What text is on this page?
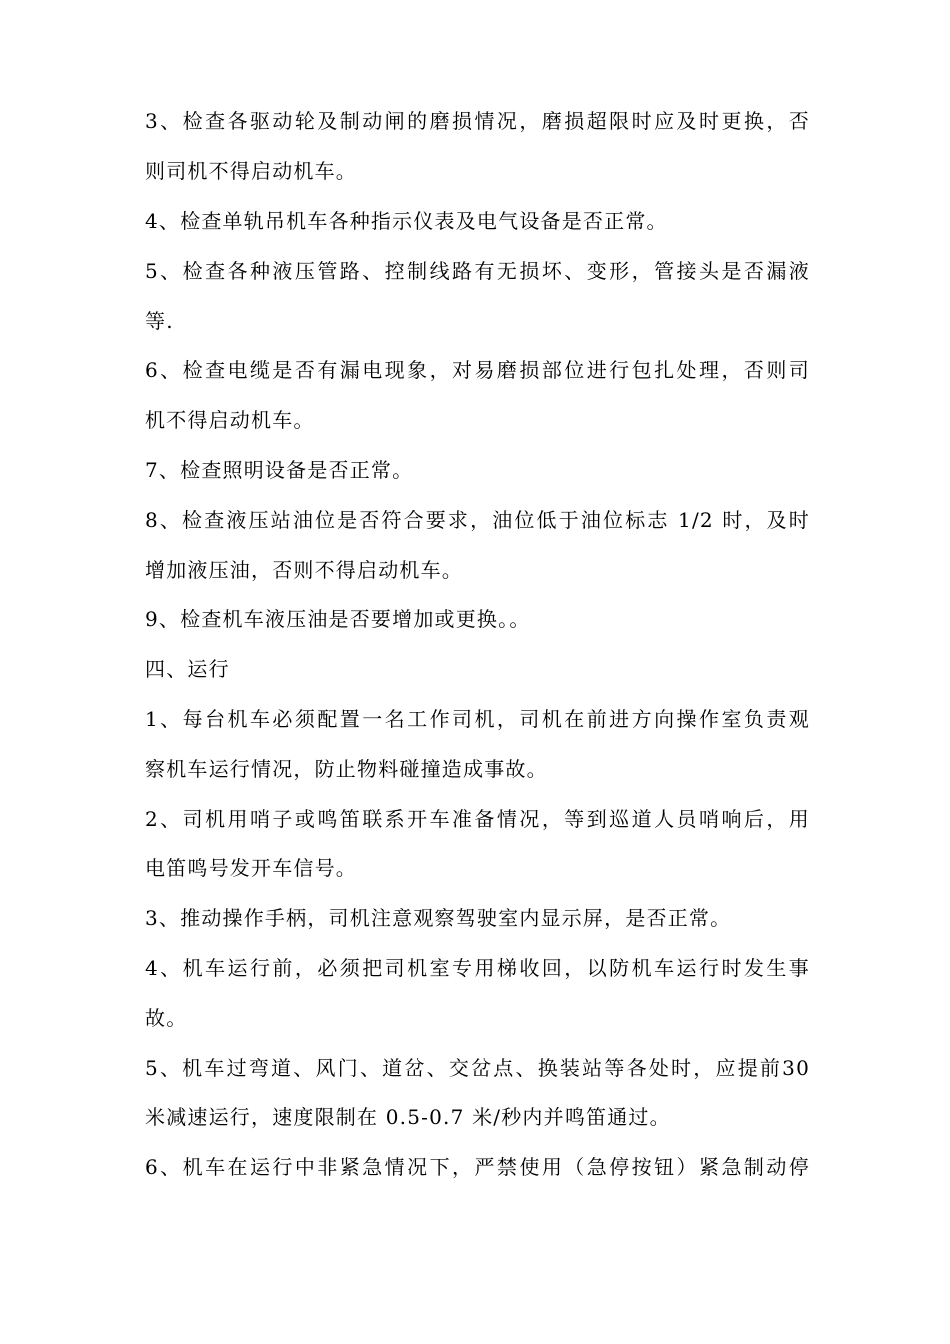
3、检查各驱动轮及制动闸的磨损情况，磨损超限时应及时更换，否
则司机不得启动机车。
4、检查单轨吊机车各种指示仪表及电气设备是否正常。
5、检查各种液压管路、控制线路有无损坏、变形，管接头是否漏液
等.
6、检查电缆是否有漏电现象，对易磨损部位进行包扎处理，否则司
机不得启动机车。
7、检查照明设备是否正常。
8、检查液压站油位是否符合要求，油位低于油位标志 1/2 时，及时
增加液压油，否则不得启动机车。
9、检查机车液压油是否要增加或更换。。
四、运行
1、每台机车必须配置一名工作司机，司机在前进方向操作室负责观
察机车运行情况，防止物料碰撞造成事故。
2、司机用哨子或鸣笛联系开车准备情况，等到巡道人员哨响后，用
电笛鸣号发开车信号。
3、推动操作手柄，司机注意观察驾驶室内显示屏，是否正常。
4、机车运行前，必须把司机室专用梯收回，以防机车运行时发生事
故。
5、机车过弯道、风门、道岔、交岔点、换装站等各处时，应提前30
米减速运行，速度限制在 0.5-0.7 米/秒内并鸣笛通过。
6、机车在运行中非紧急情况下，严禁使用（急停按钮）紧急制动停
